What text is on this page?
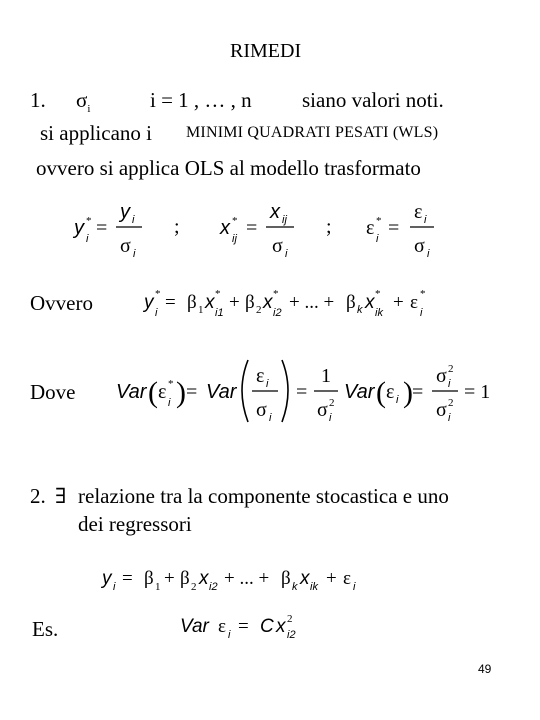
RIMEDI
1. $\sigma_i$	i = 1 , … , n siano valori noti.
si applicano i MINIMI QUADRATI PESATI (WLS)
ovvero si applica OLS al modello trasformato
y *
i =
y i
σ i
; x *
ij =
x ij
σ i
; ε *
i =
ε i
σ i
Ovvero	y *
i = β 1 x *
i1 + β 2 x *
i2 + ... + β k x *
ik + ε *
i
Dove Var ( ε *
i ) = Var
ε i
σ i
=
1
σ 2
i
Var ( ε i ) =
σ 2
i
σ 2
i
= 1
2. ∃ relazione tra la componente stocastica e uno
dei regressori
y i = β 1 + β 2 x i2 + ... + β k x ik + ε i
Es.	Var ε i = C x 2
i2
49
